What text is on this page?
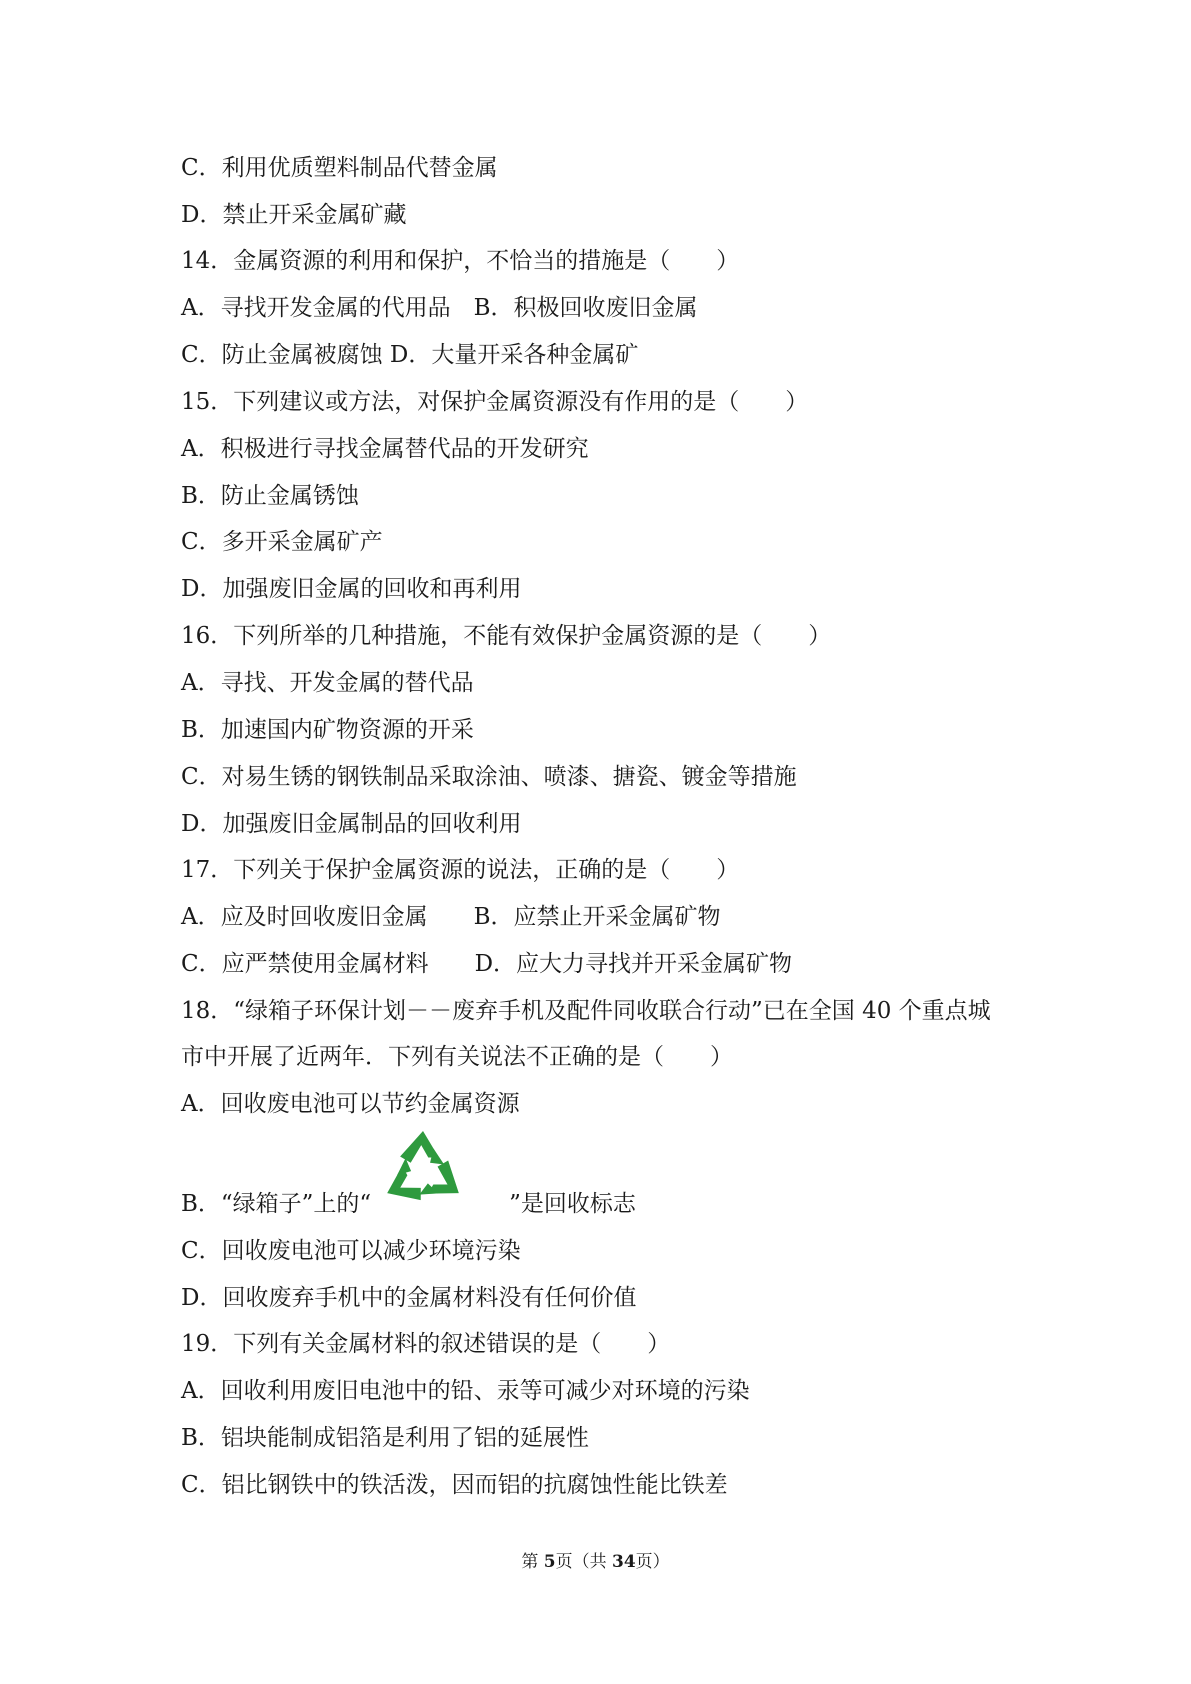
C．利用优质塑料制品代替金属
D．禁止开采金属矿藏
14．金属资源的利用和保护，不恰当的措施是（　　）
A．寻找开发金属的代用品　B．积极回收废旧金属
C．防止金属被腐蚀 D．大量开采各种金属矿
15．下列建议或方法，对保护金属资源没有作用的是（　　）
A．积极进行寻找金属替代品的开发研究
B．防止金属锈蚀
C．多开采金属矿产
D．加强废旧金属的回收和再利用
16．下列所举的几种措施，不能有效保护金属资源的是（　　）
A．寻找、开发金属的替代品
B．加速国内矿物资源的开采
C．对易生锈的钢铁制品采取涂油、喷漆、搪瓷、镀金等措施
D．加强废旧金属制品的回收利用
17．下列关于保护金属资源的说法，正确的是（　　）
A．应及时回收废旧金属　　B．应禁止开采金属矿物
C．应严禁使用金属材料　　D．应大力寻找并开采金属矿物
18．“绿箱子环保计划－－废弃手机及配件同收联合行动”已在全国 40 个重点城
市中开展了近两年．下列有关说法不正确的是（　　）
A．回收废电池可以节约金属资源
B．“绿箱子”上的“　　　　　　”是回收标志
C．回收废电池可以减少环境污染
D．回收废弃手机中的金属材料没有任何价值
19．下列有关金属材料的叙述错误的是（　　）
A．回收利用废旧电池中的铅、汞等可减少对环境的污染
B．铝块能制成铝箔是利用了铝的延展性
C．铝比钢铁中的铁活泼，因而铝的抗腐蚀性能比铁差
第 5页（共 34页）
